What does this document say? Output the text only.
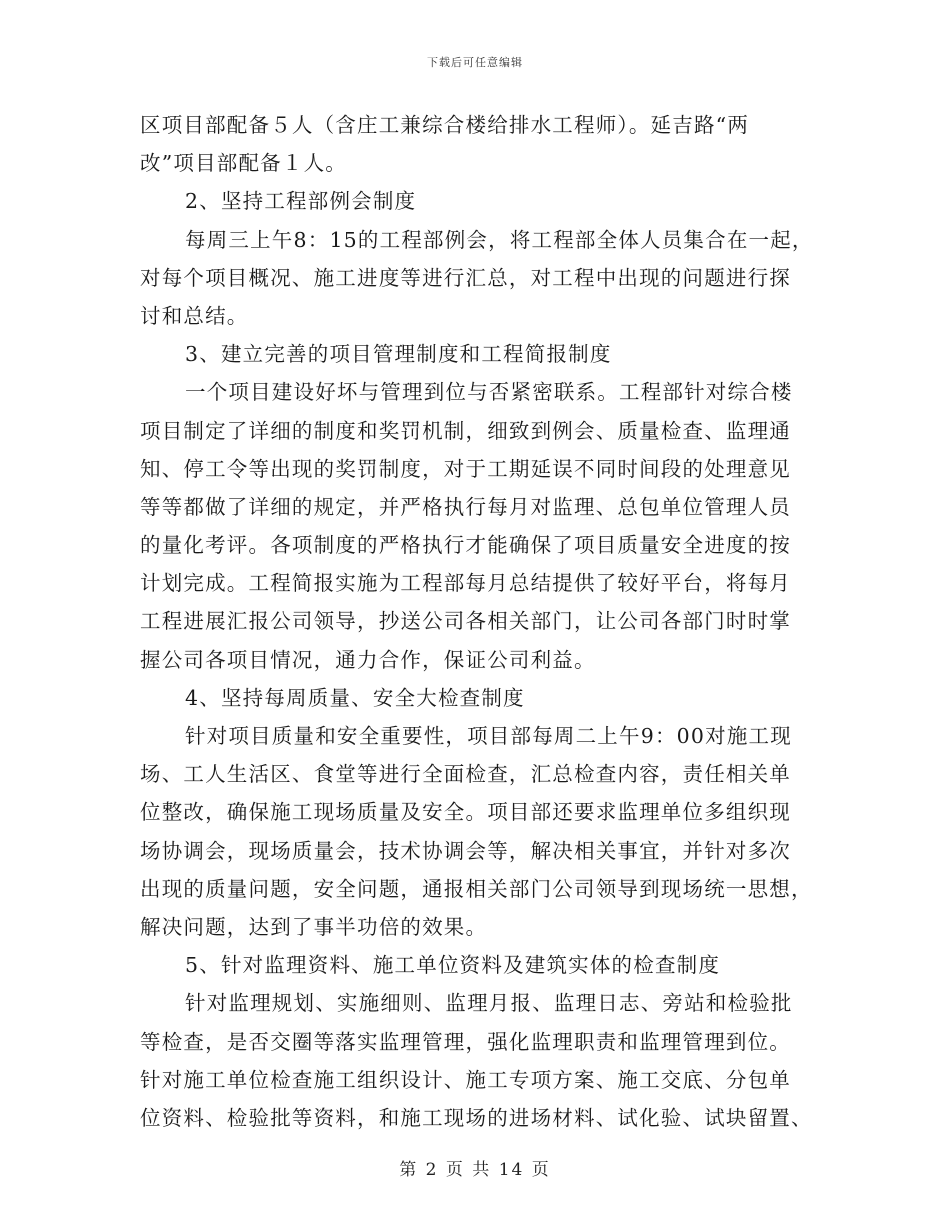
下载后可任意编辑
区项目部配备５人（含庄工兼综合楼给排水工程师）。延吉路“两
改”项目部配备１人。
2、坚持工程部例会制度
每周三上午8：15的工程部例会，将工程部全体人员集合在一起，
对每个项目概况、施工进度等进行汇总，对工程中出现的问题进行探
讨和总结。
3、建立完善的项目管理制度和工程简报制度
一个项目建设好坏与管理到位与否紧密联系。工程部针对综合楼
项目制定了详细的制度和奖罚机制，细致到例会、质量检查、监理通
知、停工令等出现的奖罚制度，对于工期延误不同时间段的处理意见
等等都做了详细的规定，并严格执行每月对监理、总包单位管理人员
的量化考评。各项制度的严格执行才能确保了项目质量安全进度的按
计划完成。工程简报实施为工程部每月总结提供了较好平台，将每月
工程进展汇报公司领导，抄送公司各相关部门，让公司各部门时时掌
握公司各项目情况，通力合作，保证公司利益。
4、坚持每周质量、安全大检查制度
针对项目质量和安全重要性，项目部每周二上午9：00对施工现
场、工人生活区、食堂等进行全面检查，汇总检查内容，责任相关单
位整改，确保施工现场质量及安全。项目部还要求监理单位多组织现
场协调会，现场质量会，技术协调会等，解决相关事宜，并针对多次
出现的质量问题，安全问题，通报相关部门公司领导到现场统一思想，
解决问题，达到了事半功倍的效果。
5、针对监理资料、施工单位资料及建筑实体的检查制度
针对监理规划、实施细则、监理月报、监理日志、旁站和检验批
等检查，是否交圈等落实监理管理，强化监理职责和监理管理到位。
针对施工单位检查施工组织设计、施工专项方案、施工交底、分包单
位资料、检验批等资料，和施工现场的进场材料、试化验、试块留置、
第 2 页 共 14 页
